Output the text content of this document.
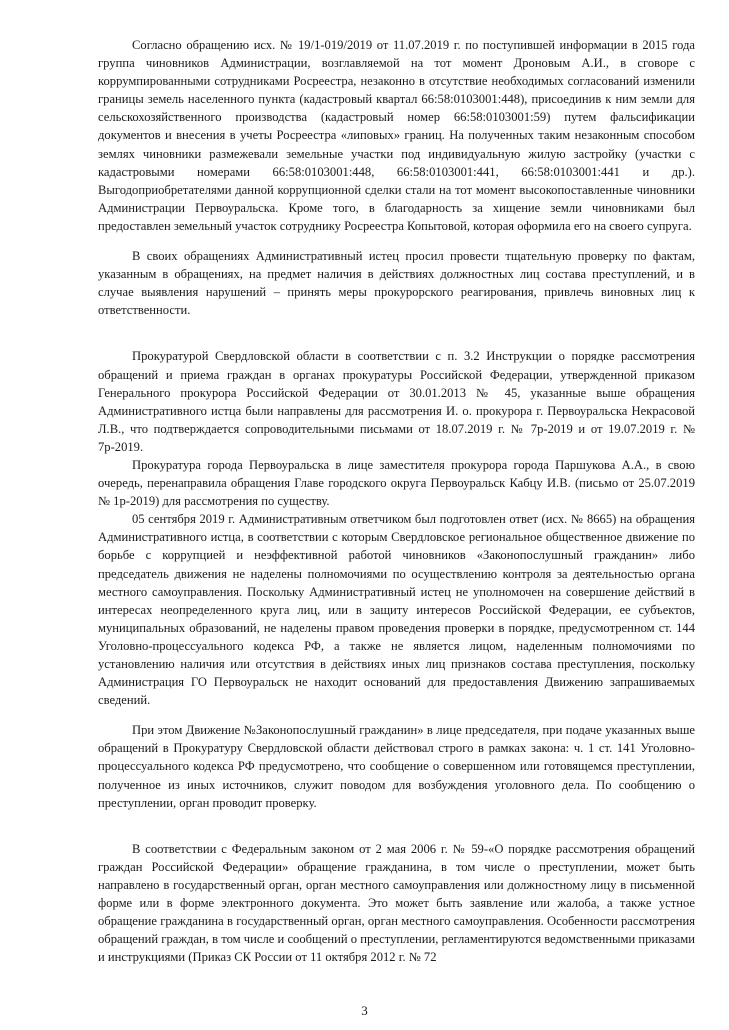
Согласно обращению исх. № 19/1-019/2019 от 11.07.2019 г. по поступившей информации в 2015 года группа чиновников Администрации, возглавляемой на тот момент Дроновым А.И., в сговоре с коррумпированными сотрудниками Росреестра, незаконно в отсутствие необходимых согласований изменили границы земель населенного пункта (кадастровый квартал 66:58:0103001:448), присоединив к ним земли для сельскохозяйственного производства (кадастровый номер 66:58:0103001:59) путем фальсификации документов и внесения в учеты Росреестра «липовых» границ. На полученных таким незаконным способом землях чиновники размежевали земельные участки под индивидуальную жилую застройку (участки с кадастровыми номерами 66:58:0103001:448, 66:58:0103001:441, 66:58:0103001:441 и др.). Выгодоприобретателями данной коррупционной сделки стали на тот момент высокопоставленные чиновники Администрации Первоуральска. Кроме того, в благодарность за хищение земли чиновниками был предоставлен земельный участок сотруднику Росреестра Копытовой, которая оформила его на своего супруга.

В своих обращениях Административный истец просил провести тщательную проверку по фактам, указанным в обращениях, на предмет наличия в действиях должностных лиц состава преступлений, и в случае выявления нарушений – принять меры прокурорского реагирования, привлечь виновных лиц к ответственности.

Прокуратурой Свердловской области в соответствии с п. 3.2 Инструкции о порядке рассмотрения обращений и приема граждан в органах прокуратуры Российской Федерации, утвержденной приказом Генерального прокурора Российской Федерации от 30.01.2013 № 45, указанные выше обращения Административного истца были направлены для рассмотрения И. о. прокурора г. Первоуральска Некрасовой Л.В., что подтверждается сопроводительными письмами от 18.07.2019 г. № 7р-2019 и от 19.07.2019 г. № 7р-2019.

Прокуратура города Первоуральска в лице заместителя прокурора города Паршукова А.А., в свою очередь, перенаправила обращения Главе городского округа Первоуральск Кабцу И.В. (письмо от 25.07.2019 № 1р-2019) для рассмотрения по существу.

05 сентября 2019 г. Административным ответчиком был подготовлен ответ (исх. № 8665) на обращения Административного истца, в соответствии с которым Свердловское региональное общественное движение по борьбе с коррупцией и неэффективной работой чиновников «Законопослушный гражданин» либо председатель движения не наделены полномочиями по осуществлению контроля за деятельностью органа местного самоуправления. Поскольку Административный истец не уполномочен на совершение действий в интересах неопределенного круга лиц, или в защиту интересов Российской Федерации, ее субъектов, муниципальных образований, не наделены правом проведения проверки в порядке, предусмотренном ст. 144 Уголовно-процессуального кодекса РФ, а также не является лицом, наделенным полномочиями по установлению наличия или отсутствия в действиях иных лиц признаков состава преступления, поскольку Администрация ГО Первоуральск не находит оснований для предоставления Движению запрашиваемых сведений.

При этом Движение №Законопослушный гражданин» в лице председателя, при подаче указанных выше обращений в Прокуратуру Свердловской области действовал строго в рамках закона: ч. 1 ст. 141 Уголовно-процессуального кодекса РФ предусмотрено, что сообщение о совершенном или готовящемся преступлении, полученное из иных источников, служит поводом для возбуждения уголовного дела. По сообщению о преступлении, орган проводит проверку.

В соответствии с Федеральным законом от 2 мая 2006 г. № 59-«О порядке рассмотрения обращений граждан Российской Федерации» обращение гражданина, в том числе о преступлении, может быть направлено в государственный орган, орган местного самоуправления или должностному лицу в письменной форме или в форме электронного документа. Это может быть заявление или жалоба, а также устное обращение гражданина в государственный орган, орган местного самоуправления. Особенности рассмотрения обращений граждан, в том числе и сообщений о преступлении, регламентируются ведомственными приказами и инструкциями (Приказ СК России от 11 октября 2012 г. № 72

3
